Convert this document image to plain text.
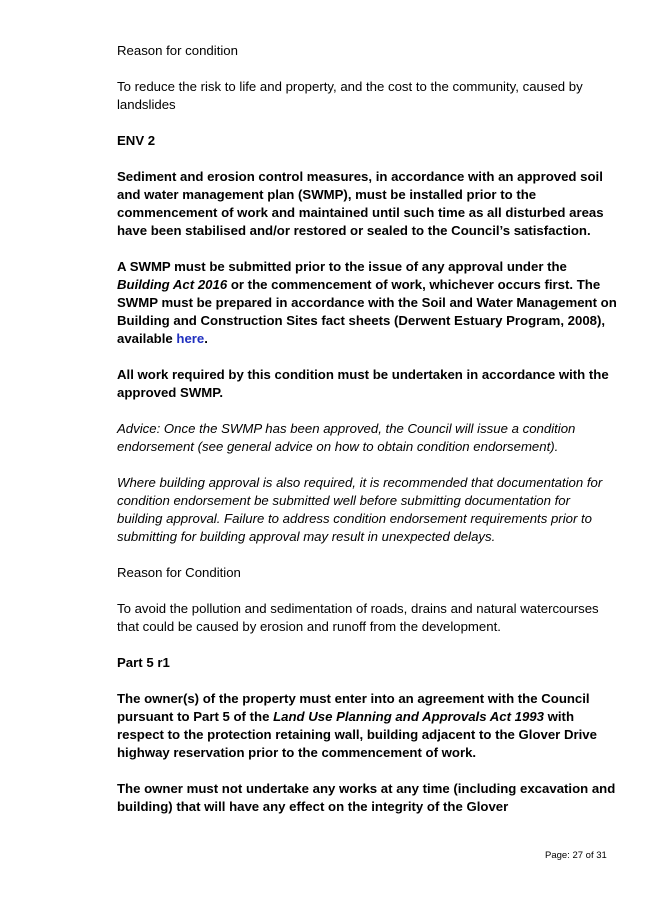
Reason for condition

To reduce the risk to life and property, and the cost to the community, caused by landslides

ENV 2

Sediment and erosion control measures, in accordance with an approved soil and water management plan (SWMP), must be installed prior to the commencement of work and maintained until such time as all disturbed areas have been stabilised and/or restored or sealed to the Council’s satisfaction.

A SWMP must be submitted prior to the issue of any approval under the Building Act 2016 or the commencement of work, whichever occurs first. The SWMP must be prepared in accordance with the Soil and Water Management on Building and Construction Sites fact sheets (Derwent Estuary Program, 2008), available here.

All work required by this condition must be undertaken in accordance with the approved SWMP.

Advice: Once the SWMP has been approved, the Council will issue a condition endorsement (see general advice on how to obtain condition endorsement).

Where building approval is also required, it is recommended that documentation for condition endorsement be submitted well before submitting documentation for building approval. Failure to address condition endorsement requirements prior to submitting for building approval may result in unexpected delays.

Reason for Condition

To avoid the pollution and sedimentation of roads, drains and natural watercourses that could be caused by erosion and runoff from the development.

Part 5 r1

The owner(s) of the property must enter into an agreement with the Council pursuant to Part 5 of the Land Use Planning and Approvals Act 1993 with respect to the protection retaining wall, building adjacent to the Glover Drive highway reservation prior to the commencement of work.

The owner must not undertake any works at any time (including excavation and building) that will have any effect on the integrity of the Glover

Page: 27 of 31
